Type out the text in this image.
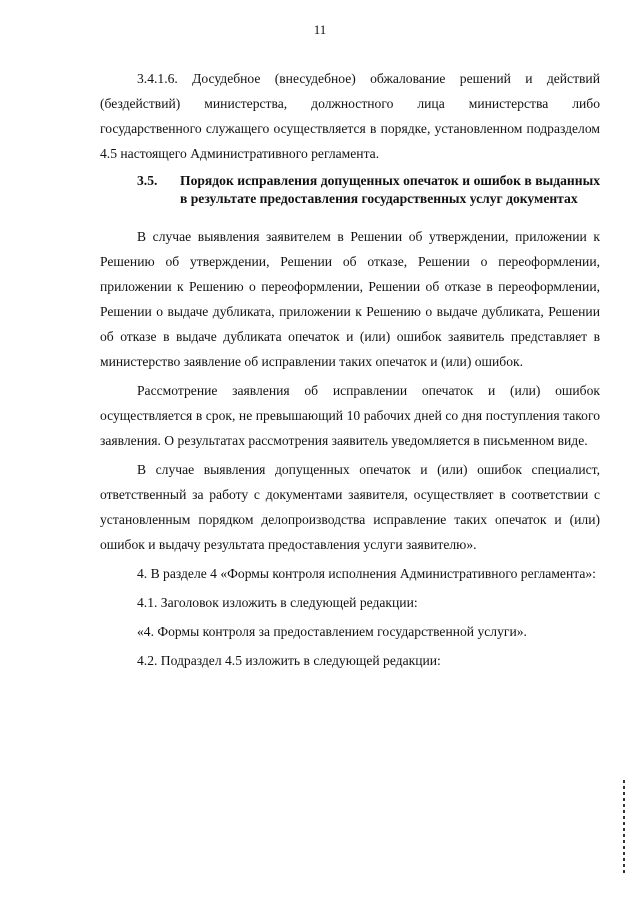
11

3.4.1.6. Досудебное (внесудебное) обжалование решений и действий (бездействий) министерства, должностного лица министерства либо государственного служащего осуществляется в порядке, установленном подразделом 4.5 настоящего Административного регламента.

3.5.	Порядок исправления допущенных опечаток и ошибок в выданных в результате предоставления государственных услуг документах

В случае выявления заявителем в Решении об утверждении, приложении к Решению об утверждении, Решении об отказе, Решении о переоформлении, приложении к Решению о переоформлении, Решении об отказе в переоформлении, Решении о выдаче дубликата, приложении к Решению о выдаче дубликата, Решении об отказе в выдаче дубликата опечаток и (или) ошибок заявитель представляет в министерство заявление об исправлении таких опечаток и (или) ошибок.

Рассмотрение заявления об исправлении опечаток и (или) ошибок осуществляется в срок, не превышающий 10 рабочих дней со дня поступления такого заявления. О результатах рассмотрения заявитель уведомляется в письменном виде.

В случае выявления допущенных опечаток и (или) ошибок специалист, ответственный за работу с документами заявителя, осуществляет в соответствии с установленным порядком делопроизводства исправление таких опечаток и (или) ошибок и выдачу результата предоставления услуги заявителю».

4. В разделе 4 «Формы контроля исполнения Административного регламента»:

4.1. Заголовок изложить в следующей редакции:

«4. Формы контроля за предоставлением государственной услуги».

4.2. Подраздел 4.5 изложить в следующей редакции:
